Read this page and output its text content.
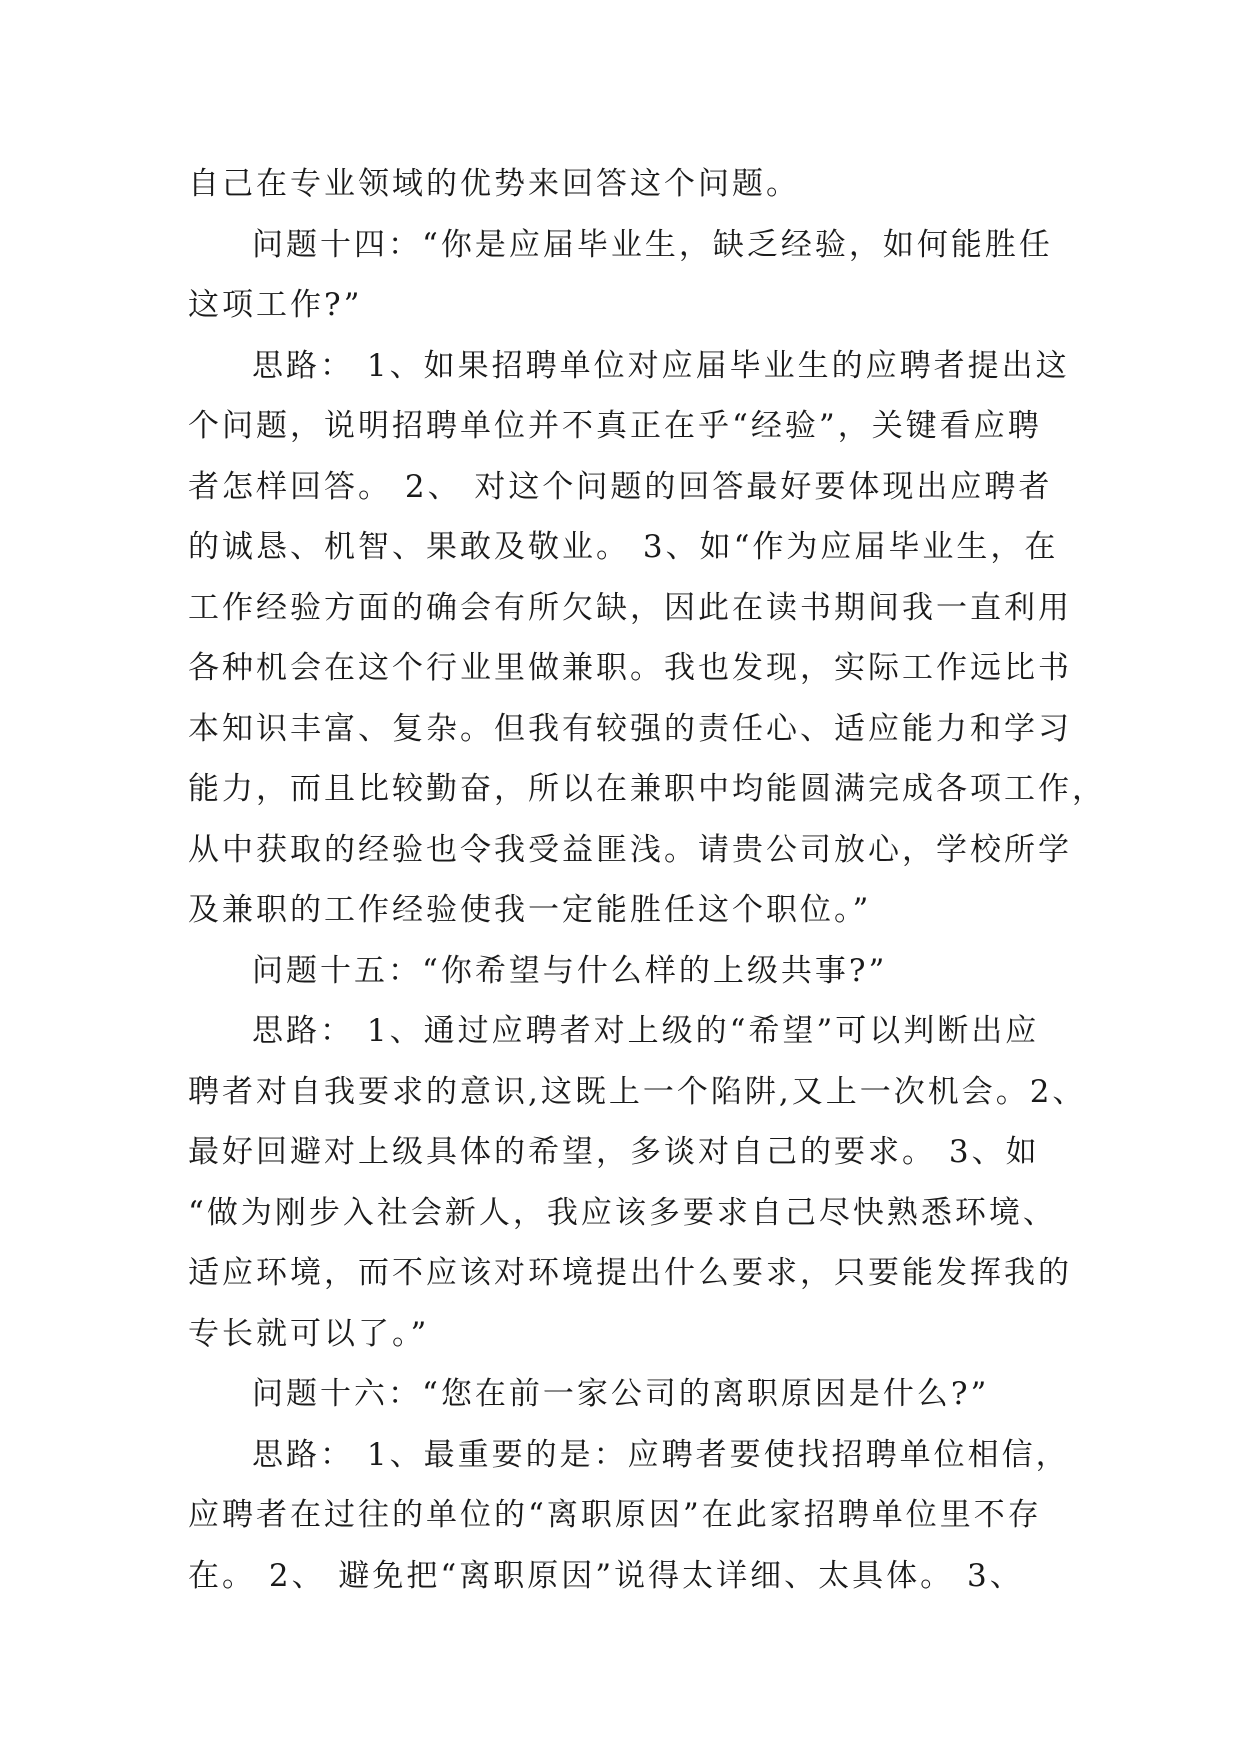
自己在专业领域的优势来回答这个问题。
问题十四：“你是应届毕业生，缺乏经验，如何能胜任
这项工作?”
思路： 1、如果招聘单位对应届毕业生的应聘者提出这
个问题，说明招聘单位并不真正在乎“经验”，关键看应聘
者怎样回答。 2、 对这个问题的回答最好要体现出应聘者
的诚恳、机智、果敢及敬业。 3、如“作为应届毕业生，在
工作经验方面的确会有所欠缺，因此在读书期间我一直利用
各种机会在这个行业里做兼职。我也发现，实际工作远比书
本知识丰富、复杂。但我有较强的责任心、适应能力和学习
能力，而且比较勤奋，所以在兼职中均能圆满完成各项工作，
从中获取的经验也令我受益匪浅。请贵公司放心，学校所学
及兼职的工作经验使我一定能胜任这个职位。”
问题十五：“你希望与什么样的上级共事?”
思路： 1、通过应聘者对上级的“希望”可以判断出应
聘者对自我要求的意识,这既上一个陷阱,又上一次机会。2、
最好回避对上级具体的希望，多谈对自己的要求。 3、如
“做为刚步入社会新人，我应该多要求自己尽快熟悉环境、
适应环境，而不应该对环境提出什么要求，只要能发挥我的
专长就可以了。”
问题十六：“您在前一家公司的离职原因是什么?”
思路： 1、最重要的是：应聘者要使找招聘单位相信，
应聘者在过往的单位的“离职原因”在此家招聘单位里不存
在。 2、 避免把“离职原因”说得太详细、太具体。 3、
